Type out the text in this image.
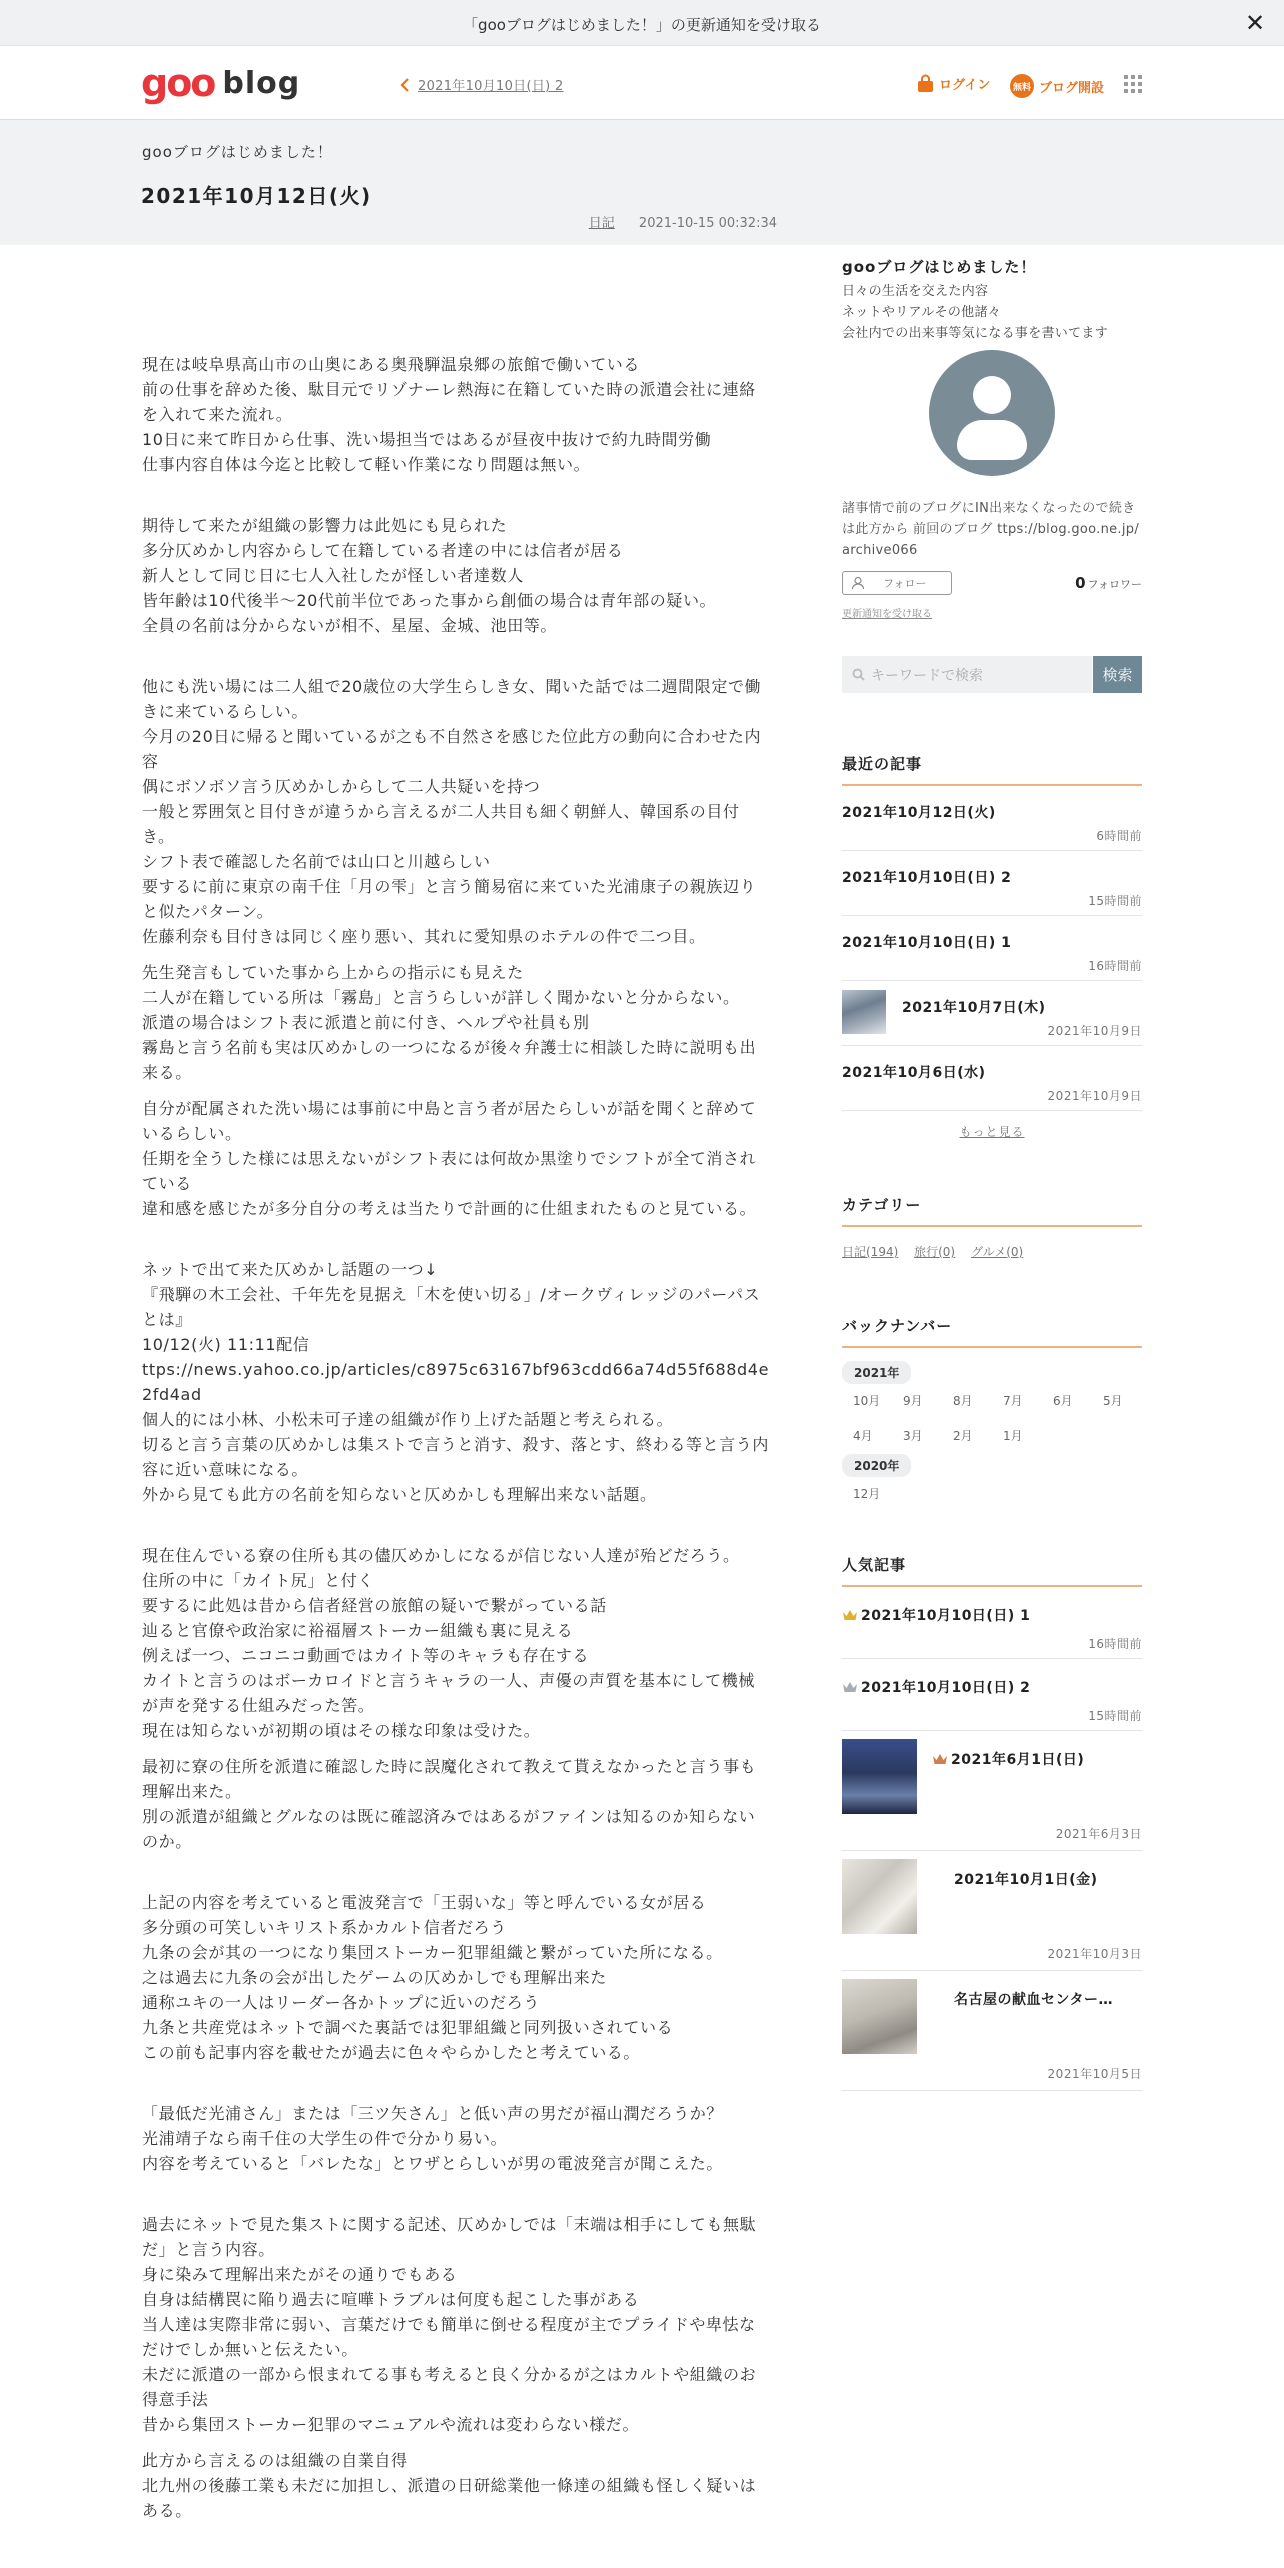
「gooブログはじめました！」の更新通知を受け取る	✕
goo blog	2021年10月10日(日) 2	ログイン	無料 ブログ開設
gooブログはじめました！
2021年10月12日(火)
日記 2021-10-15 00:32:34

現在は岐阜県高山市の山奥にある奥飛騨温泉郷の旅館で働いている
前の仕事を辞めた後、駄目元でリゾナーレ熱海に在籍していた時の派遣会社に連絡を入れて来た流れ。
10日に来て昨日から仕事、洗い場担当ではあるが昼夜中抜けで約九時間労働
仕事内容自体は今迄と比較して軽い作業になり問題は無い。

期待して来たが組織の影響力は此処にも見られた
多分仄めかし内容からして在籍している者達の中には信者が居る
新人として同じ日に七人入社したが怪しい者達数人
皆年齢は10代後半～20代前半位であった事から創価の場合は青年部の疑い。
全員の名前は分からないが相不、星屋、金城、池田等。

他にも洗い場には二人組で20歳位の大学生らしき女、聞いた話では二週間限定で働きに来ているらしい。
今月の20日に帰ると聞いているが之も不自然さを感じた位此方の動向に合わせた内容
偶にボソボソ言う仄めかしからして二人共疑いを持つ
一般と雰囲気と目付きが違うから言えるが二人共目も細く朝鮮人、韓国系の目付き。
シフト表で確認した名前では山口と川越らしい
要するに前に東京の南千住「月の雫」と言う簡易宿に来ていた光浦康子の親族辺りと似たパターン。
佐藤利奈も目付きは同じく座り悪い、其れに愛知県のホテルの件で二つ目。

先生発言もしていた事から上からの指示にも見えた
二人が在籍している所は「霧島」と言うらしいが詳しく聞かないと分からない。
派遣の場合はシフト表に派遣と前に付き、ヘルプや社員も別
霧島と言う名前も実は仄めかしの一つになるが後々弁護士に相談した時に説明も出来る。

自分が配属された洗い場には事前に中島と言う者が居たらしいが話を聞くと辞めているらしい。
任期を全うした様には思えないがシフト表には何故か黒塗りでシフトが全て消されている
違和感を感じたが多分自分の考えは当たりで計画的に仕組まれたものと見ている。

ネットで出て来た仄めかし話題の一つ↓
『飛騨の木工会社、千年先を見据え「木を使い切る」/オークヴィレッジのパーパスとは』
10/12(火) 11:11配信
ttps://news.yahoo.co.jp/articles/c8975c63167bf963cdd66a74d55f688d4e2fd4ad
個人的には小林、小松未可子達の組織が作り上げた話題と考えられる。
切ると言う言葉の仄めかしは集ストで言うと消す、殺す、落とす、終わる等と言う内容に近い意味になる。
外から見ても此方の名前を知らないと仄めかしも理解出来ない話題。

現在住んでいる寮の住所も其の儘仄めかしになるが信じない人達が殆どだろう。
住所の中に「カイト尻」と付く
要するに此処は昔から信者経営の旅館の疑いで繋がっている話
辿ると官僚や政治家に裕福層ストーカー組織も裏に見える
例えば一つ、ニコニコ動画ではカイト等のキャラも存在する
カイトと言うのはボーカロイドと言うキャラの一人、声優の声質を基本にして機械が声を発する仕組みだった筈。
現在は知らないが初期の頃はその様な印象は受けた。

最初に寮の住所を派遣に確認した時に誤魔化されて教えて貰えなかったと言う事も理解出来た。
別の派遣が組織とグルなのは既に確認済みではあるがファインは知るのか知らないのか。

上記の内容を考えていると電波発言で「王弱いな」等と呼んでいる女が居る
多分頭の可笑しいキリスト系かカルト信者だろう
九条の会が其の一つになり集団ストーカー犯罪組織と繋がっていた所になる。
之は過去に九条の会が出したゲームの仄めかしでも理解出来た
通称ユキの一人はリーダー各かトップに近いのだろう
九条と共産党はネットで調べた裏話では犯罪組織と同列扱いされている
この前も記事内容を載せたが過去に色々やらかしたと考えている。

「最低だ光浦さん」または「三ツ矢さん」と低い声の男だが福山潤だろうか？
光浦靖子なら南千住の大学生の件で分かり易い。
内容を考えていると「バレたな」とワザとらしいが男の電波発言が聞こえた。

過去にネットで見た集ストに関する記述、仄めかしでは「末端は相手にしても無駄だ」と言う内容。
身に染みて理解出来たがその通りでもある
自身は結構罠に陥り過去に喧嘩トラブルは何度も起こした事がある
当人達は実際非常に弱い、言葉だけでも簡単に倒せる程度が主でプライドや卑怯なだけでしか無いと伝えたい。
未だに派遣の一部から恨まれてる事も考えると良く分かるが之はカルトや組織のお得意手法
昔から集団ストーカー犯罪のマニュアルや流れは変わらない様だ。

此方から言えるのは組織の自業自得
北九州の後藤工業も未だに加担し、派遣の日研総業他一條達の組織も怪しく疑いはある。

gooブログはじめました！
日々の生活を交えた内容
ネットやリアルその他諸々
会社内での出来事等気になる事を書いてます
諸事情で前のブログにIN出来なくなったので続きは此方から 前回のブログ ttps://blog.goo.ne.jp/archive066
フォロー	0 フォロワー
更新通知を受け取る
キーワードで検索	検索
最近の記事
2021年10月12日(火)
6時間前
2021年10月10日(日) 2
15時間前
2021年10月10日(日) 1
16時間前
2021年10月7日(木)
2021年10月9日
2021年10月6日(水)
2021年10月9日
もっと見る
カテゴリー
日記(194) 旅行(0) グルメ(0)
バックナンバー
2021年
10月	9月	8月	7月	6月	5月
4月	3月	2月	1月
2020年
12月
人気記事
2021年10月10日(日) 1
16時間前
2021年10月10日(日) 2
15時間前
2021年6月1日(日)
2021年6月3日
2021年10月1日(金)
2021年10月3日
名古屋の献血センター…
2021年10月5日
